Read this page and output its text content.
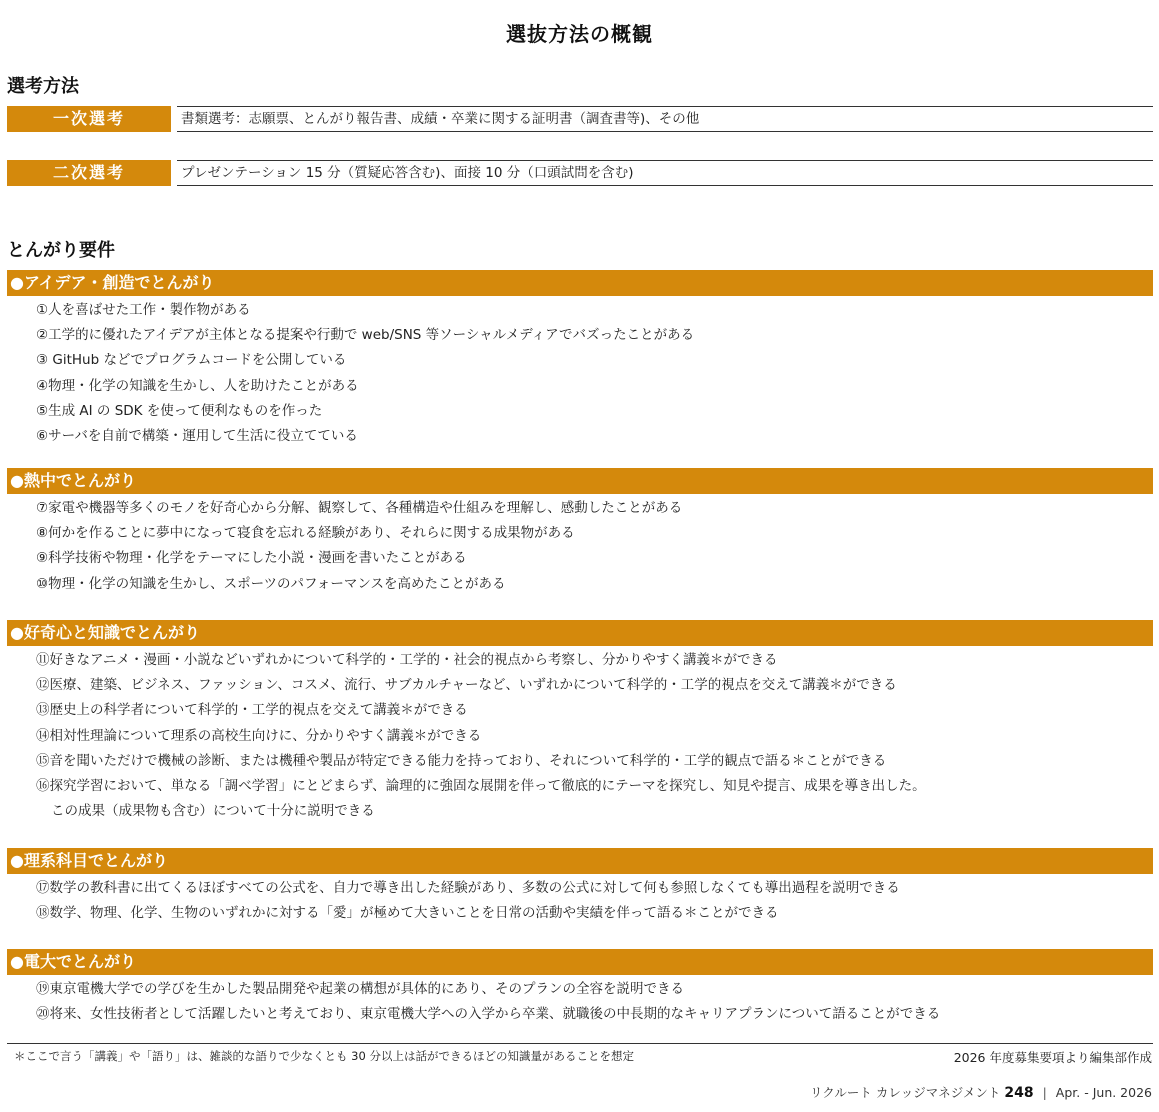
選抜方法の概観
選考方法
一次選考	書類選考：志願票、とんがり報告書、成績・卒業に関する証明書（調査書等)、その他
二次選考	プレゼンテーション 15 分（質疑応答含む)、面接 10 分（口頭試問を含む)
とんがり要件
●アイデア・創造でとんがり
①人を喜ばせた工作・製作物がある
②工学的に優れたアイデアが主体となる提案や行動で web/SNS 等ソーシャルメディアでバズったことがある
③ GitHub などでプログラムコードを公開している
④物理・化学の知識を生かし、人を助けたことがある
⑤生成 AI の SDK を使って便利なものを作った
⑥サーバを自前で構築・運用して生活に役立てている
●熱中でとんがり
⑦家電や機器等多くのモノを好奇心から分解、観察して、各種構造や仕組みを理解し、感動したことがある
⑧何かを作ることに夢中になって寝食を忘れる経験があり、それらに関する成果物がある
⑨科学技術や物理・化学をテーマにした小説・漫画を書いたことがある
⑩物理・化学の知識を生かし、スポーツのパフォーマンスを高めたことがある
●好奇心と知識でとんがり
⑪好きなアニメ・漫画・小説などいずれかについて科学的・工学的・社会的視点から考察し、分かりやすく講義＊ができる
⑫医療、建築、ビジネス、ファッション、コスメ、流行、サブカルチャーなど、いずれかについて科学的・工学的視点を交えて講義＊ができる
⑬歴史上の科学者について科学的・工学的視点を交えて講義＊ができる
⑭相対性理論について理系の高校生向けに、分かりやすく講義＊ができる
⑮音を聞いただけで機械の診断、または機種や製品が特定できる能力を持っており、それについて科学的・工学的観点で語る＊ことができる
⑯探究学習において、単なる「調べ学習」にとどまらず、論理的に強固な展開を伴って徹底的にテーマを探究し、知見や提言、成果を導き出した。
この成果（成果物も含む）について十分に説明できる
●理系科目でとんがり
⑰数学の教科書に出てくるほぼすべての公式を、自力で導き出した経験があり、多数の公式に対して何も参照しなくても導出過程を説明できる
⑱数学、物理、化学、生物のいずれかに対する「愛」が極めて大きいことを日常の活動や実績を伴って語る＊ことができる
●電大でとんがり
⑲東京電機大学での学びを生かした製品開発や起業の構想が具体的にあり、そのプランの全容を説明できる
⑳将来、女性技術者として活躍したいと考えており、東京電機大学への入学から卒業、就職後の中長期的なキャリアプランについて語ることができる
＊ここで言う「講義」や「語り」は、雑談的な語りで少なくとも 30 分以上は話ができるほどの知識量があることを想定	2026 年度募集要項より編集部作成
リクルート カレッジマネジメント 248 | Apr. - Jun. 2026
